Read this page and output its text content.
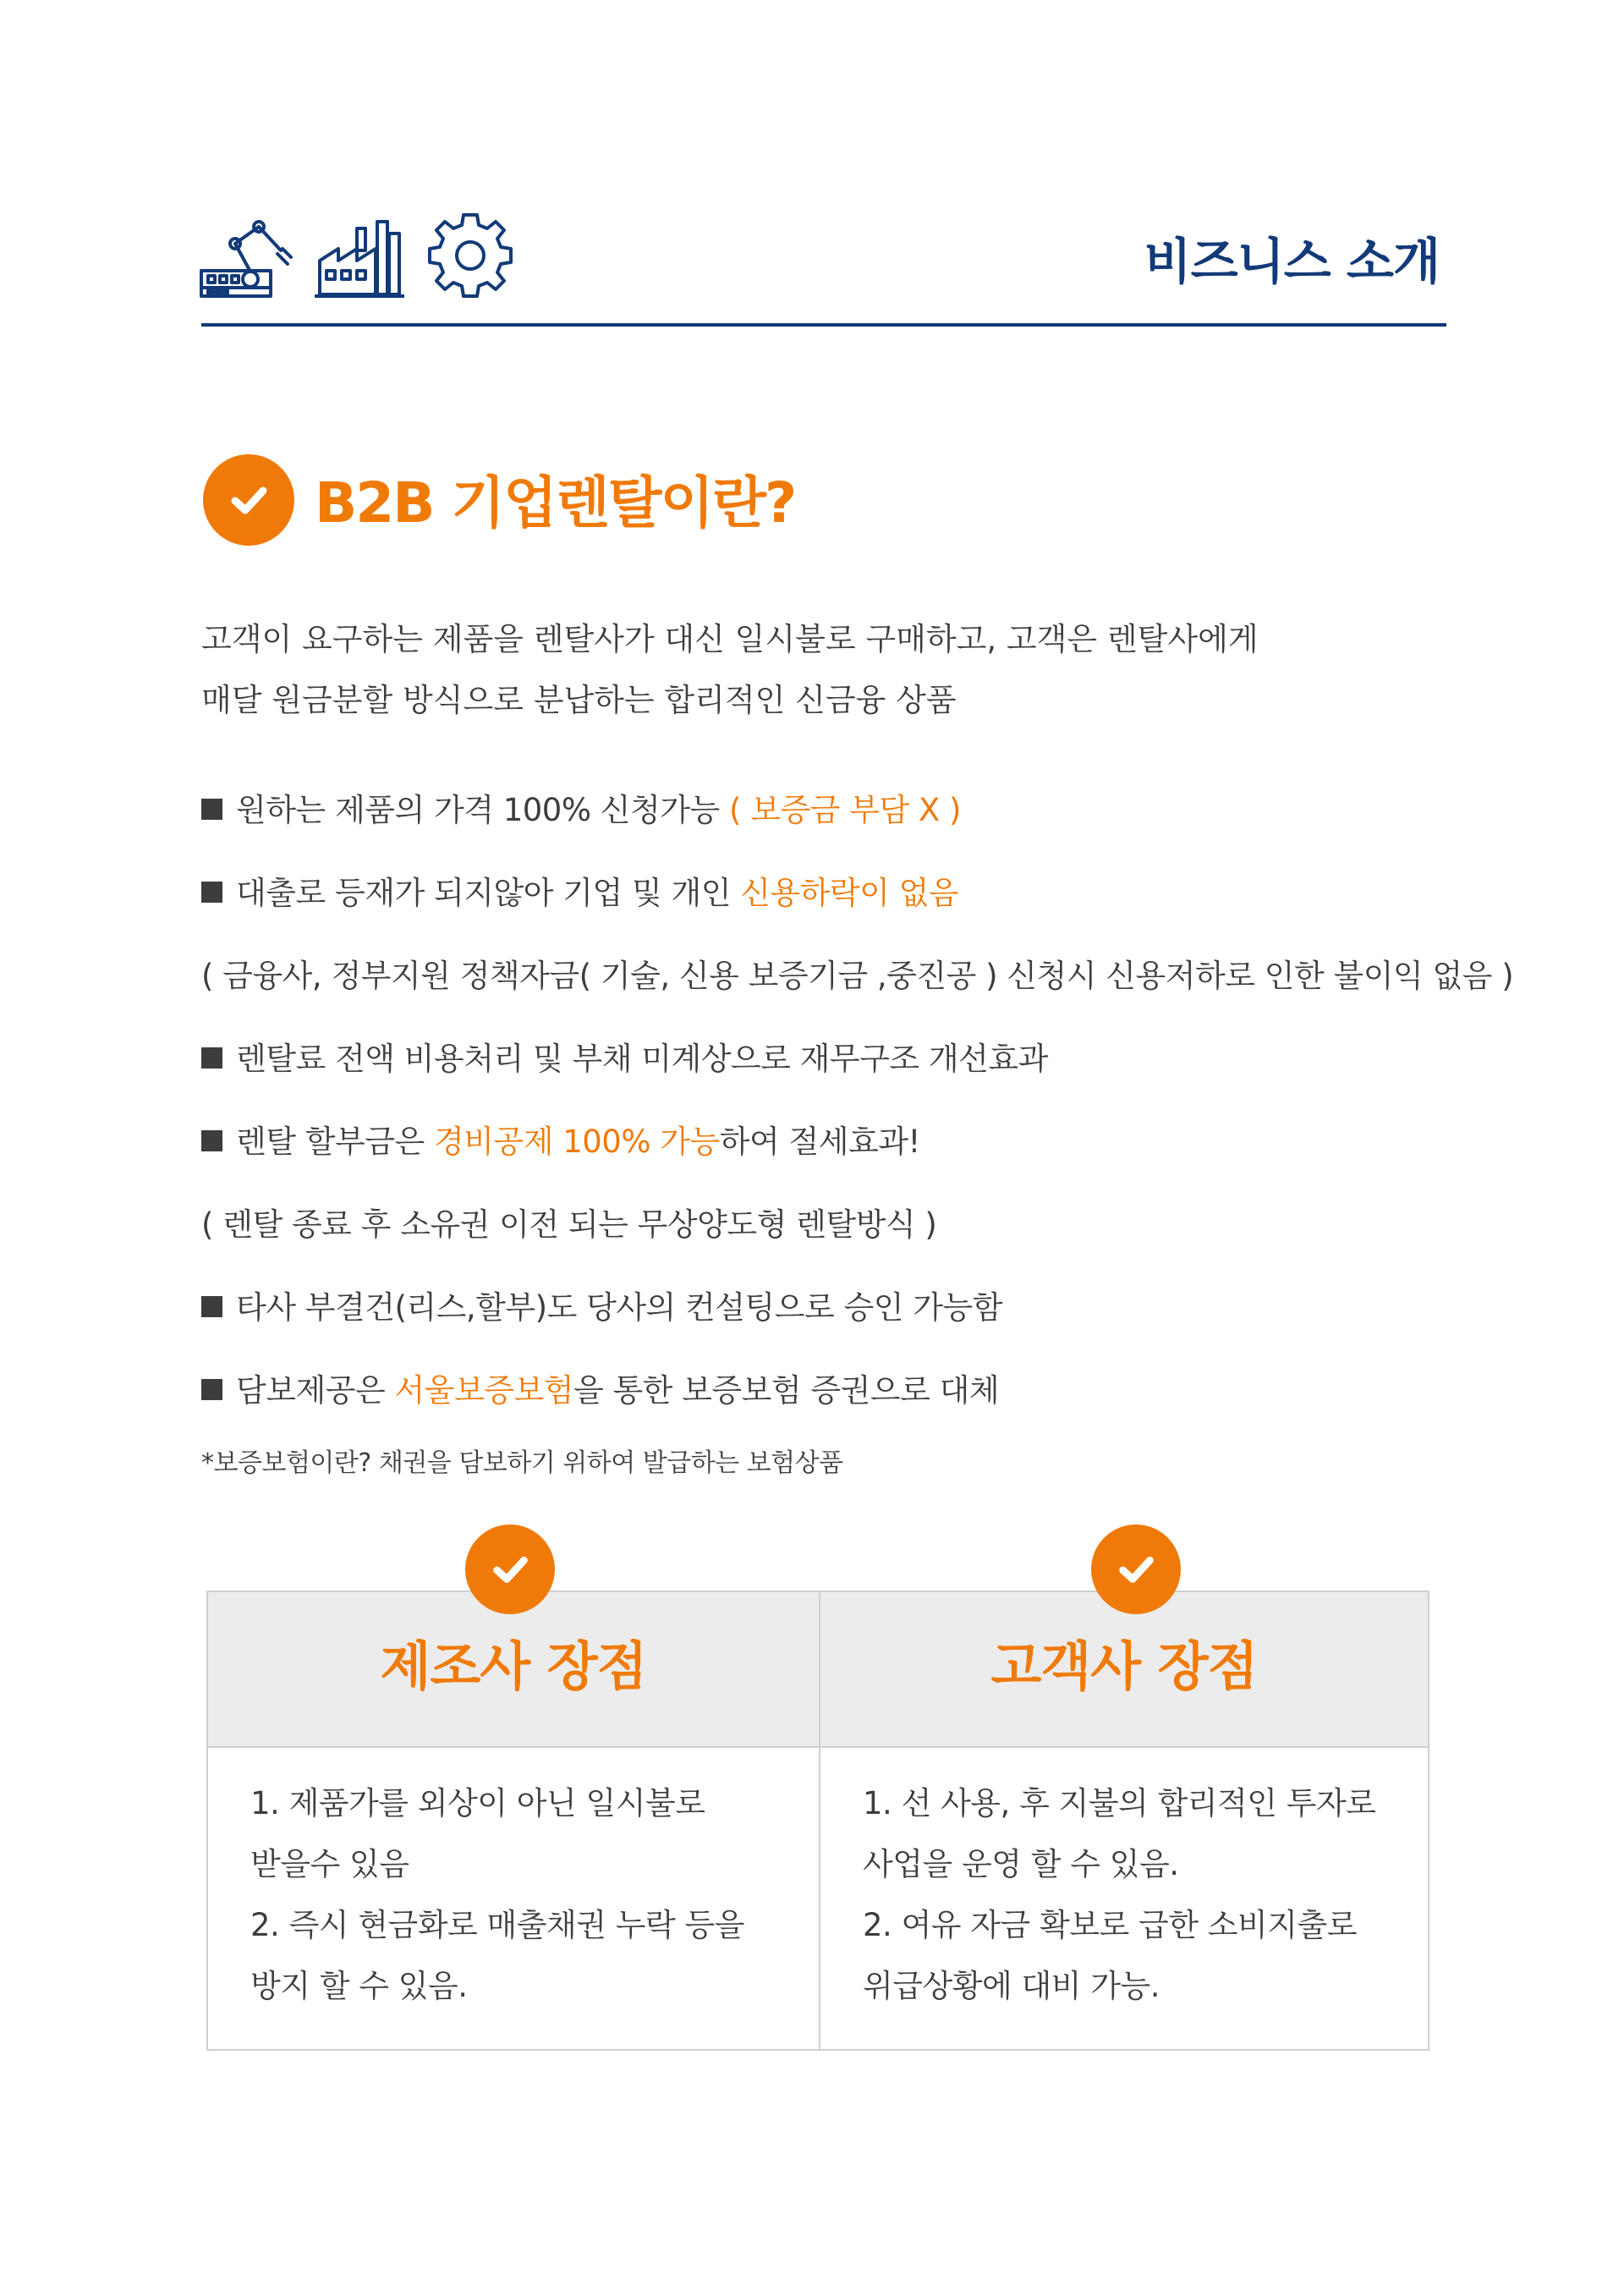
비즈니스 소개
B2B 기업렌탈이란?
고객이 요구하는 제품을 렌탈사가 대신 일시불로 구매하고, 고객은 렌탈사에게
매달 원금분할 방식으로 분납하는 합리적인 신금융 상품
원하는 제품의 가격 100% 신청가능 ( 보증금 부담 X )
대출로 등재가 되지않아 기업 및 개인 신용하락이 없음
( 금융사, 정부지원 정책자금( 기술, 신용 보증기금 ,중진공 ) 신청시 신용저하로 인한 불이익 없음 )
렌탈료 전액 비용처리 및 부채 미계상으로 재무구조 개선효과
렌탈 할부금은 경비공제 100% 가능하여 절세효과!
( 렌탈 종료 후 소유권 이전 되는 무상양도형 렌탈방식 )
타사 부결건(리스,할부)도 당사의 컨설팅으로 승인 가능함
담보제공은 서울보증보험을 통한 보증보험 증권으로 대체
*보증보험이란? 채권을 담보하기 위하여 발급하는 보험상품
제조사 장점	고객사 장점
1. 제품가를 외상이 아닌 일시불로
받을수 있음
2. 즉시 현금화로 매출채권 누락 등을
방지 할 수 있음.
1. 선 사용, 후 지불의 합리적인 투자로
사업을 운영 할 수 있음.
2. 여유 자금 확보로 급한 소비지출로
위급상황에 대비 가능.
